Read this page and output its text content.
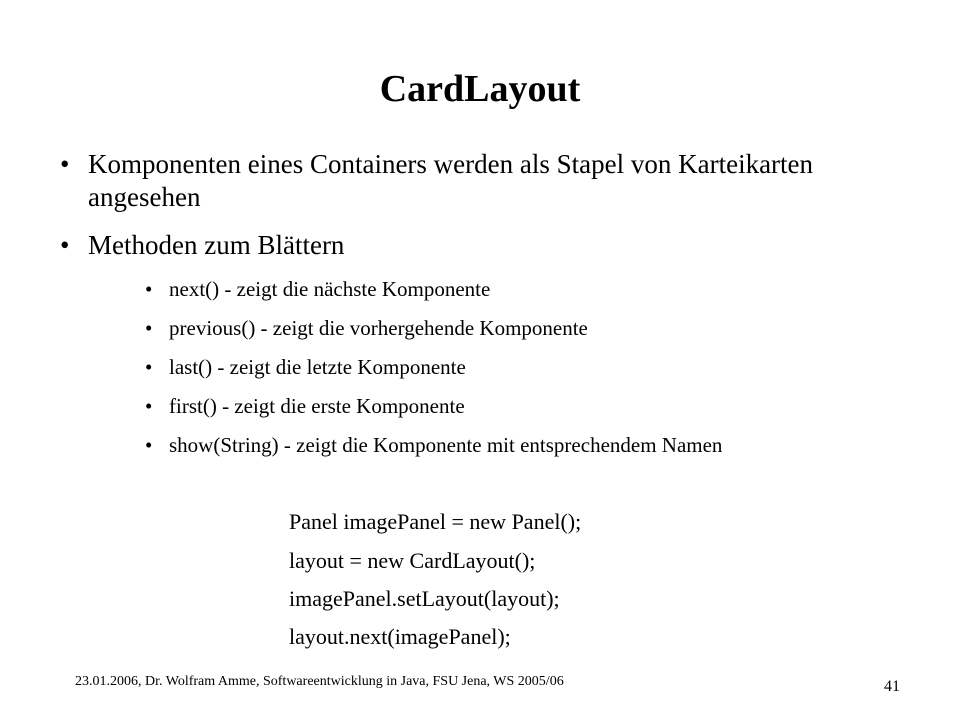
CardLayout
• Komponenten eines Containers werden als Stapel von Karteikarten angesehen
• Methoden zum Blättern
• next() - zeigt die nächste Komponente
• previous() - zeigt die vorhergehende Komponente
• last() - zeigt die letzte Komponente
• first() - zeigt die erste Komponente
• show(String) - zeigt die Komponente mit entsprechendem Namen
Panel imagePanel = new Panel();
layout = new CardLayout();
imagePanel.setLayout(layout);
layout.next(imagePanel);
23.01.2006, Dr. Wolfram Amme, Softwareentwicklung in Java, FSU Jena, WS 2005/06	41
